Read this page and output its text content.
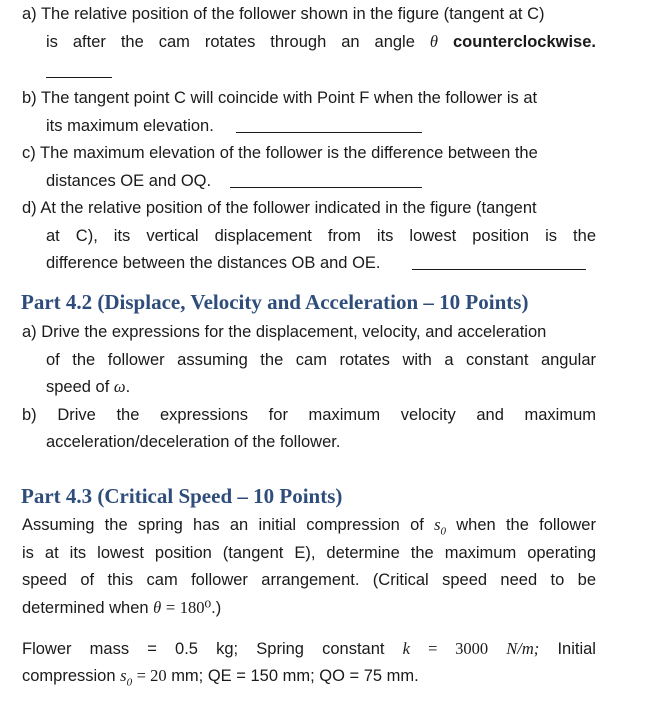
a) The relative position of the follower shown in the figure (tangent at C)
is after the cam rotates through an angle θ counterclockwise.
b) The tangent point C will coincide with Point F when the follower is at
its maximum elevation.
c) The maximum elevation of the follower is the difference between the
distances OE and OQ.
d) At the relative position of the follower indicated in the figure (tangent
at C), its vertical displacement from its lowest position is the
difference between the distances OB and OE.
Part 4.2 (Displace, Velocity and Acceleration – 10 Points)
a) Drive the expressions for the displacement, velocity, and acceleration
of the follower assuming the cam rotates with a constant angular
speed of ω.
b) Drive the expressions for maximum velocity and maximum
acceleration/deceleration of the follower.
Part 4.3 (Critical Speed – 10 Points)
Assuming the spring has an initial compression of $s_0$ when the follower
is at its lowest position (tangent E), determine the maximum operating
speed of this cam follower arrangement. (Critical speed need to be
determined when θ = 180⁰.)
Flower mass = 0.5 kg; Spring constant k = 3000 N/m; Initial
compression $s_0 = 20$ mm; QE = 150 mm; QO = 75 mm.
